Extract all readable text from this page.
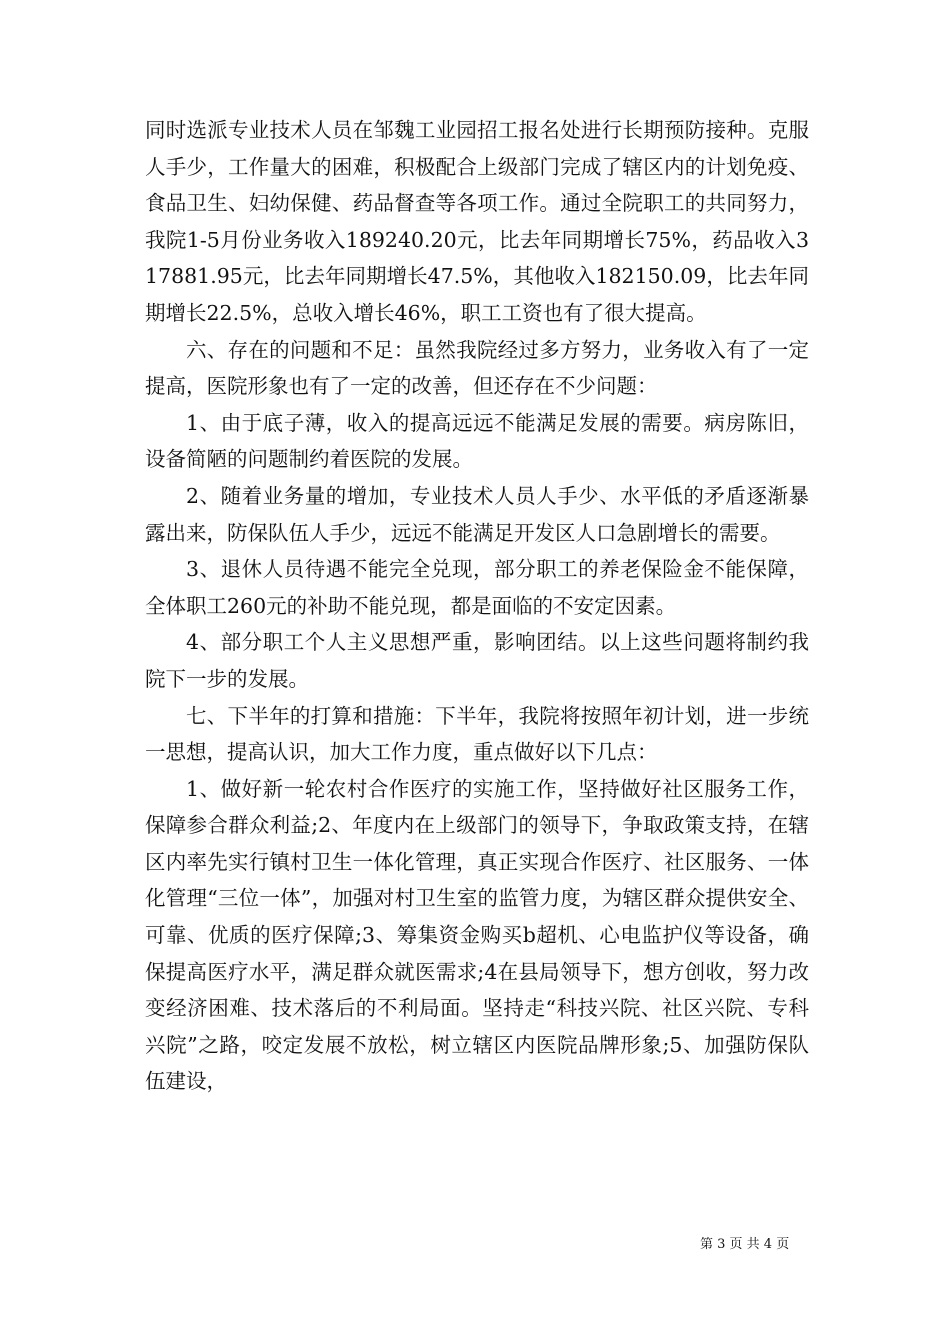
同时选派专业技术人员在邹魏工业园招工报名处进行长期预防接种。克服人手少，工作量大的困难，积极配合上级部门完成了辖区内的计划免疫、食品卫生、妇幼保健、药品督查等各项工作。通过全院职工的共同努力，我院1-5月份业务收入189240.20元，比去年同期增长75%，药品收入317881.95元，比去年同期增长47.5%，其他收入182150.09，比去年同期增长22.5%，总收入增长46%，职工工资也有了很大提高。

六、存在的问题和不足：虽然我院经过多方努力，业务收入有了一定提高，医院形象也有了一定的改善，但还存在不少问题：

1、由于底子薄，收入的提高远远不能满足发展的需要。病房陈旧，设备简陋的问题制约着医院的发展。

2、随着业务量的增加，专业技术人员人手少、水平低的矛盾逐渐暴露出来，防保队伍人手少，远远不能满足开发区人口急剧增长的需要。

3、退休人员待遇不能完全兑现，部分职工的养老保险金不能保障，全体职工260元的补助不能兑现，都是面临的不安定因素。

4、部分职工个人主义思想严重，影响团结。以上这些问题将制约我院下一步的发展。

七、下半年的打算和措施：下半年，我院将按照年初计划，进一步统一思想，提高认识，加大工作力度，重点做好以下几点：

1、做好新一轮农村合作医疗的实施工作，坚持做好社区服务工作，保障参合群众利益;2、年度内在上级部门的领导下，争取政策支持，在辖区内率先实行镇村卫生一体化管理，真正实现合作医疗、社区服务、一体化管理“三位一体”，加强对村卫生室的监管力度，为辖区群众提供安全、可靠、优质的医疗保障;3、筹集资金购买b超机、心电监护仪等设备，确保提高医疗水平，满足群众就医需求;4在县局领导下，想方创收，努力改变经济困难、技术落后的不利局面。坚持走“科技兴院、社区兴院、专科兴院”之路，咬定发展不放松，树立辖区内医院品牌形象;5、加强防保队伍建设，

第 3 页 共 4 页
